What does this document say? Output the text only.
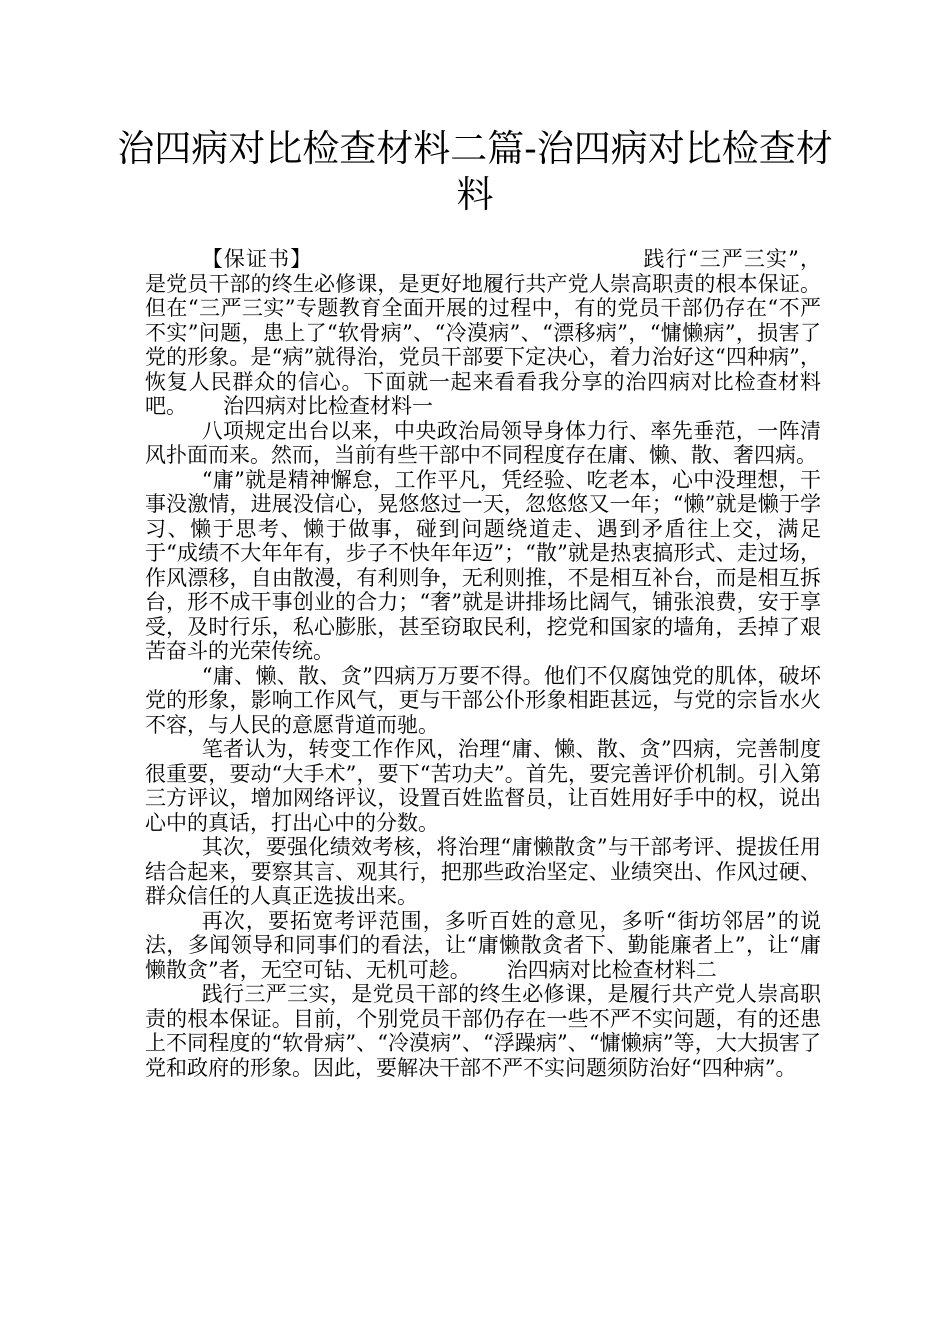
治四病对比检查材料二篇-治四病对比检查材料

【保证书】	践行“三严三实”，是党员干部的终生必修课，是更好地履行共产党人崇高职责的根本保证。但在“三严三实”专题教育全面开展的过程中，有的党员干部仍存在“不严不实”问题，患上了“软骨病”、“冷漠病”、“漂移病”，“慵懒病”，损害了党的形象。是“病”就得治，党员干部要下定决心，着力治好这“四种病”，恢复人民群众的信心。下面就一起来看看我分享的治四病对比检查材料吧。 治四病对比检查材料一

八项规定出台以来，中央政治局领导身体力行、率先垂范，一阵清风扑面而来。然而，当前有些干部中不同程度存在庸、懒、散、奢四病。

“庸”就是精神懈怠，工作平凡，凭经验、吃老本，心中没理想，干事没激情，进展没信心，晃悠悠过一天，忽悠悠又一年；“懒”就是懒于学习、懒于思考、懒于做事，碰到问题绕道走、遇到矛盾往上交，满足于“成绩不大年年有，步子不快年年迈”；“散”就是热衷搞形式、走过场，作风漂移，自由散漫，有利则争，无利则推，不是相互补台，而是相互拆台，形不成干事创业的合力；“奢”就是讲排场比阔气，铺张浪费，安于享受，及时行乐，私心膨胀，甚至窃取民利，挖党和国家的墙角，丢掉了艰苦奋斗的光荣传统。

“庸、懒、散、贪”四病万万要不得。他们不仅腐蚀党的肌体，破坏党的形象，影响工作风气，更与干部公仆形象相距甚远，与党的宗旨水火不容，与人民的意愿背道而驰。

笔者认为，转变工作作风，治理“庸、懒、散、贪”四病，完善制度很重要，要动“大手术”，要下“苦功夫”。首先，要完善评价机制。引入第三方评议，增加网络评议，设置百姓监督员，让百姓用好手中的权，说出心中的真话，打出心中的分数。

其次，要强化绩效考核，将治理“庸懒散贪”与干部考评、提拔任用结合起来，要察其言、观其行，把那些政治坚定、业绩突出、作风过硬、群众信任的人真正选拔出来。

再次，要拓宽考评范围，多听百姓的意见，多听“街坊邻居”的说法，多闻领导和同事们的看法，让“庸懒散贪者下、勤能廉者上”，让“庸懒散贪”者，无空可钻、无机可趁。 治四病对比检查材料二

践行三严三实，是党员干部的终生必修课，是履行共产党人崇高职责的根本保证。目前，个别党员干部仍存在一些不严不实问题，有的还患上不同程度的“软骨病”、“冷漠病”、“浮躁病”、“慵懒病”等，大大损害了党和政府的形象。因此，要解决干部不严不实问题须防治好“四种病”。
